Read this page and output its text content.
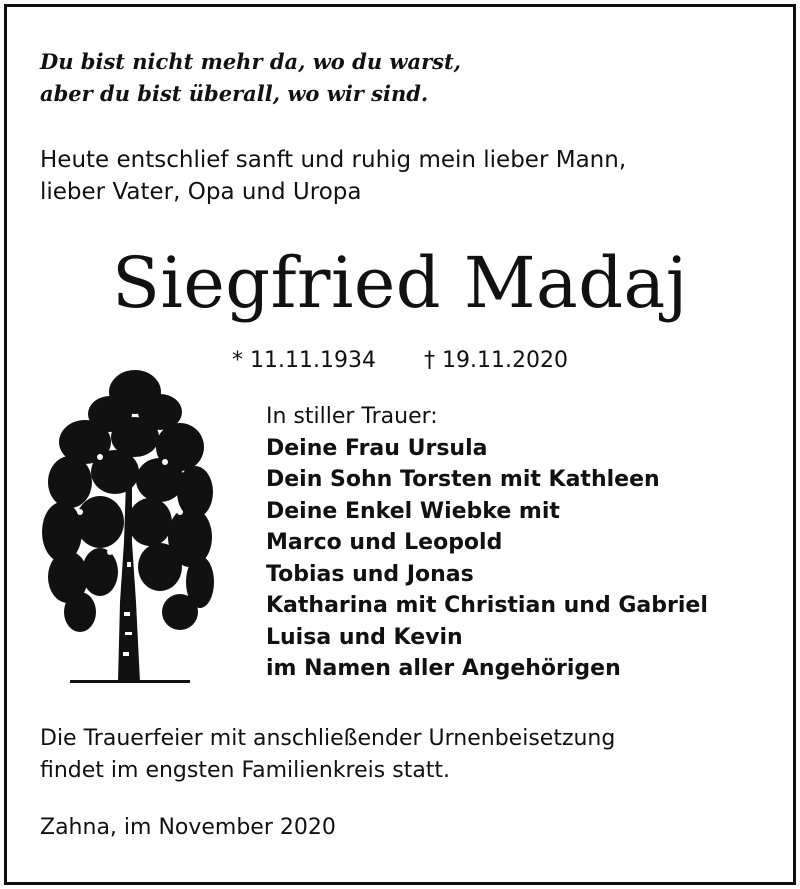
Du bist nicht mehr da, wo du warst,
aber du bist überall, wo wir sind.
Heute entschlief sanft und ruhig mein lieber Mann,
lieber Vater, Opa und Uropa
Siegfried Madaj
* 11.11.1934 † 19.11.2020
In stiller Trauer:
Deine Frau Ursula
Dein Sohn Torsten mit Kathleen
Deine Enkel Wiebke mit
Marco und Leopold
Tobias und Jonas
Katharina mit Christian und Gabriel
Luisa und Kevin
im Namen aller Angehörigen
Die Trauerfeier mit anschließender Urnenbeisetzung
findet im engsten Familienkreis statt.
Zahna, im November 2020
